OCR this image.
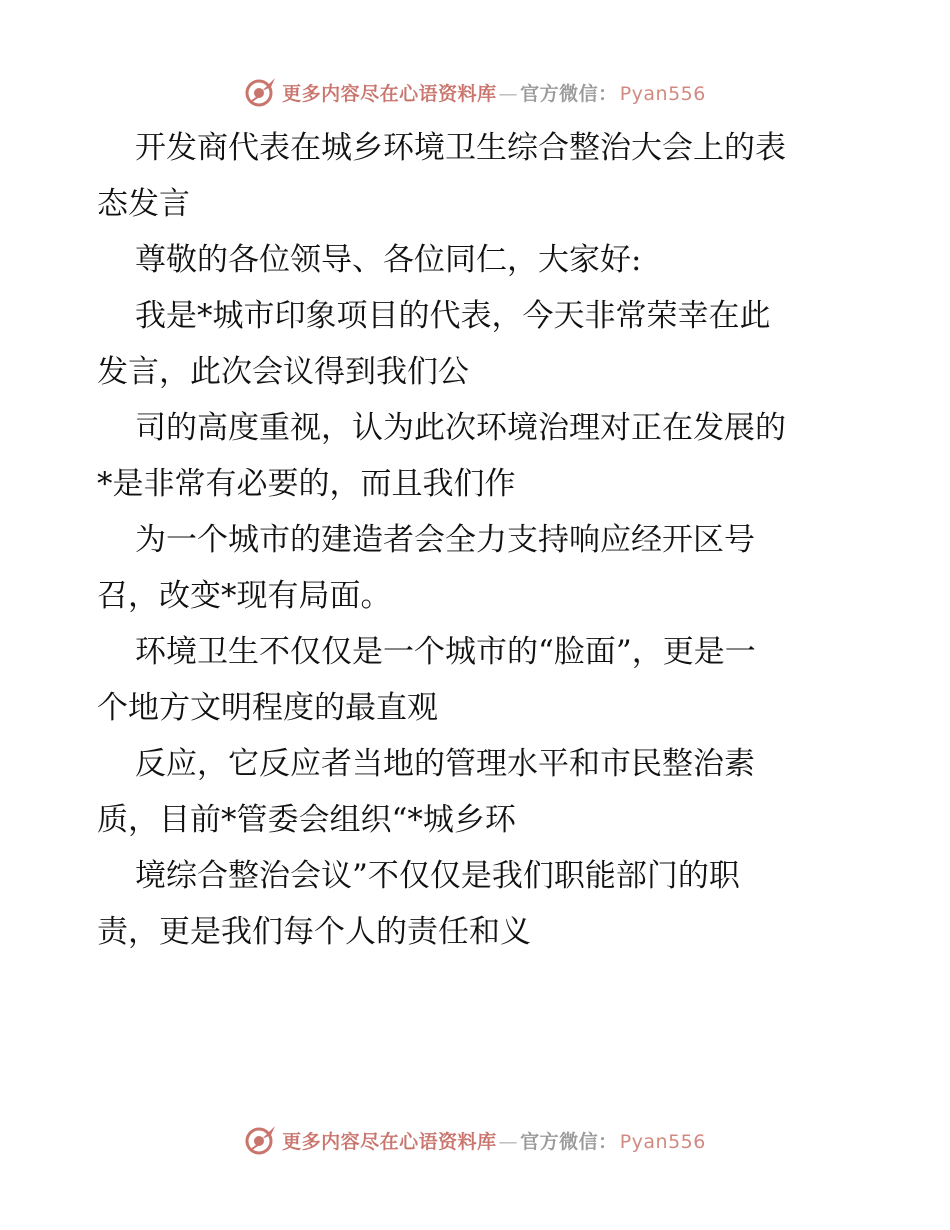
更多内容尽在心语资料库 — 官方微信： Pyan556
开发商代表在城乡环境卫生综合整治大会上的表
态发言
尊敬的各位领导、各位同仁，大家好:
我是*城市印象项目的代表，今天非常荣幸在此
发言，此次会议得到我们公
司的高度重视，认为此次环境治理对正在发展的
*是非常有必要的，而且我们作
为一个城市的建造者会全力支持响应经开区号
召，改变*现有局面。
环境卫生不仅仅是一个城市的“脸面”，更是一
个地方文明程度的最直观
反应，它反应者当地的管理水平和市民整治素
质，目前*管委会组织“*城乡环
境综合整治会议”不仅仅是我们职能部门的职
责，更是我们每个人的责任和义
更多内容尽在心语资料库 — 官方微信： Pyan556
